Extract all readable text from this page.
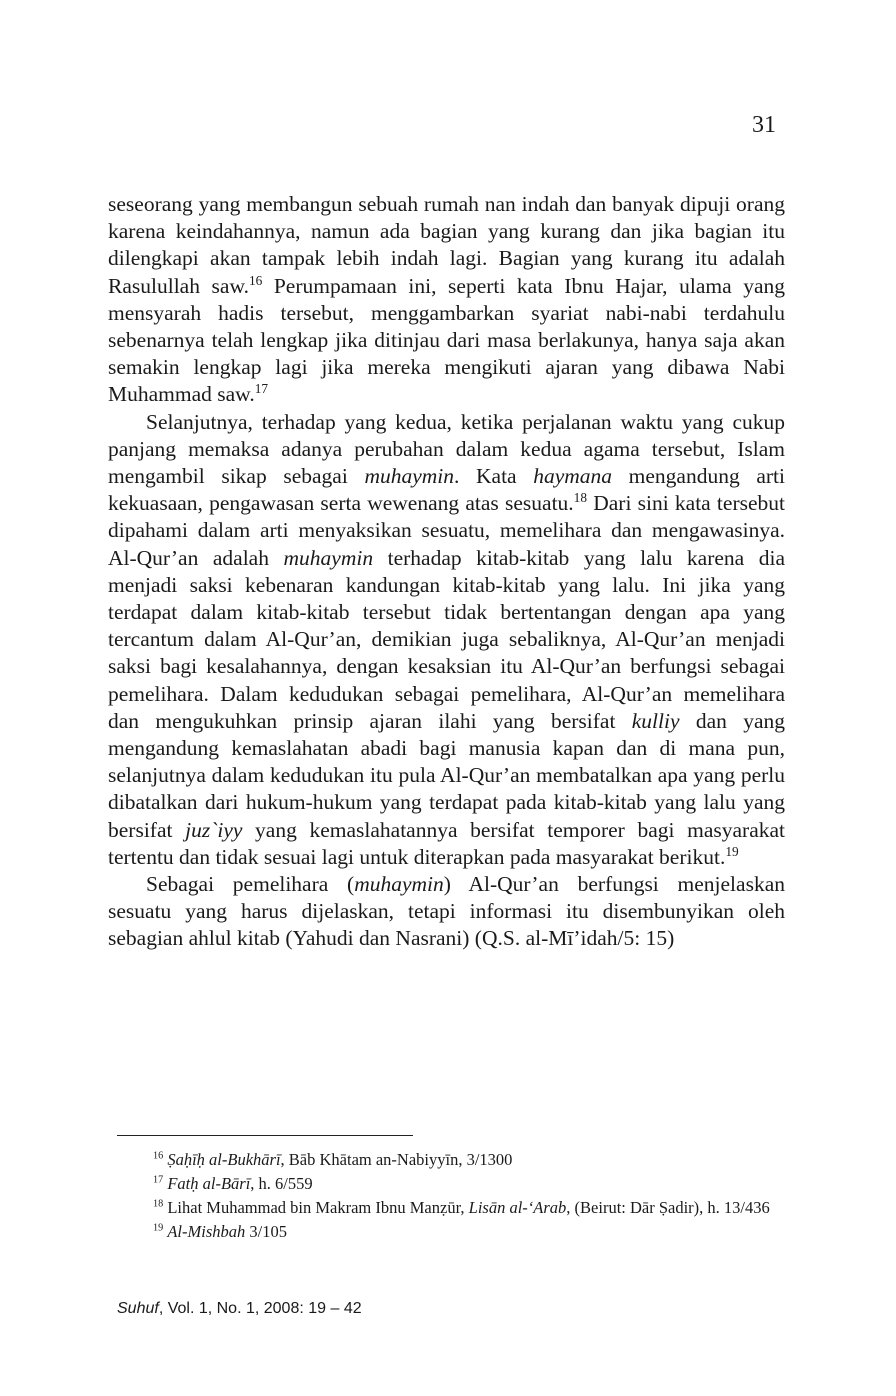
31

seseorang yang membangun sebuah rumah nan indah dan banyak dipuji orang karena keindahannya, namun ada bagian yang kurang dan jika bagian itu dilengkapi akan tampak lebih indah lagi. Bagian yang kurang itu adalah Rasulullah saw.$^{16}$ Perumpamaan ini, seperti kata Ibnu Hajar, ulama yang mensyarah hadis tersebut, menggambarkan syariat nabi-nabi terdahulu sebenarnya telah lengkap jika ditinjau dari masa berlakunya, hanya saja akan semakin lengkap lagi jika mereka mengikuti ajaran yang dibawa Nabi Muhammad saw.$^{17}$

Selanjutnya, terhadap yang kedua, ketika perjalanan waktu yang cukup panjang memaksa adanya perubahan dalam kedua agama tersebut, Islam mengambil sikap sebagai muhaymin. Kata haymana mengandung arti kekuasaan, pengawasan serta wewenang atas sesuatu.$^{18}$ Dari sini kata tersebut dipahami dalam arti menyaksikan sesuatu, memelihara dan mengawasinya. Al-Qur’an adalah muhaymin terhadap kitab-kitab yang lalu karena dia menjadi saksi kebenaran kandungan kitab-kitab yang lalu. Ini jika yang terdapat dalam kitab-kitab tersebut tidak bertentangan dengan apa yang tercantum dalam Al-Qur’an, demikian juga sebaliknya, Al-Qur’an menjadi saksi bagi kesalahannya, dengan kesaksian itu Al-Qur’an berfungsi sebagai pemelihara. Dalam kedudukan sebagai pemelihara, Al-Qur’an memelihara dan mengukuhkan prinsip ajaran ilahi yang bersifat kulliy dan yang mengandung kemaslahatan abadi bagi manusia kapan dan di mana pun, selanjutnya dalam kedudukan itu pula Al-Qur’an membatalkan apa yang perlu dibatalkan dari hukum-hukum yang terdapat pada kitab-kitab yang lalu yang bersifat juz`iyy yang kemaslahatannya bersifat temporer bagi masyarakat tertentu dan tidak sesuai lagi untuk diterapkan pada masyarakat berikut.$^{19}$

Sebagai pemelihara (muhaymin) Al-Qur’an berfungsi menjelaskan sesuatu yang harus dijelaskan, tetapi informasi itu disembunyikan oleh sebagian ahlul kitab (Yahudi dan Nasrani) (Q.S. al-Mī’idah/5: 15)

$^{16}$ Ṣaḥīḥ al-Bukhārī, Bāb Khātam an-Nabiyyīn, 3/1300

$^{17}$ Fatḥ al-Bārī, h. 6/559

$^{18}$ Lihat Muhammad bin Makram Ibnu Manẓūr, Lisān al-‘Arab, (Beirut: Dār Ṣadir), h. 13/436

$^{19}$ Al-Mishbah 3/105

Suhuf, Vol. 1, No. 1, 2008: 19 – 42
